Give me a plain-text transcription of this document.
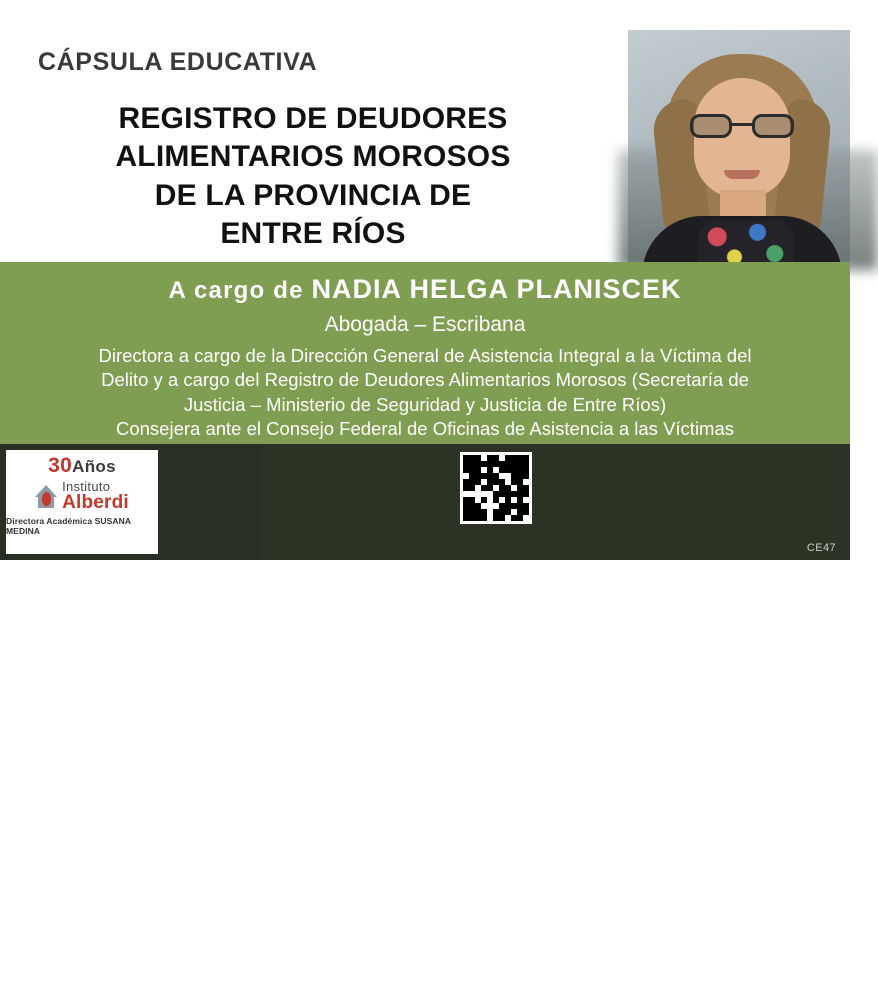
CÁPSULA EDUCATIVA
REGISTRO DE DEUDORES
ALIMENTARIOS MOROSOS
DE LA PROVINCIA DE
ENTRE RÍOS
A cargo de NADIA HELGA PLANISCEK
Abogada – Escribana
Directora a cargo de la Dirección General de Asistencia Integral a la Víctima del
Delito y a cargo del Registro de Deudores Alimentarios Morosos (Secretaría de
Justicia – Ministerio de Seguridad y Justicia de Entre Ríos)
Consejera ante el Consejo Federal de Oficinas de Asistencia a las Víctimas
30Años
Instituto
Alberdi
Directora Académica SUSANA MEDINA
WWW https://institutoalberdi.jusentrerios.gov.ar
CE47
